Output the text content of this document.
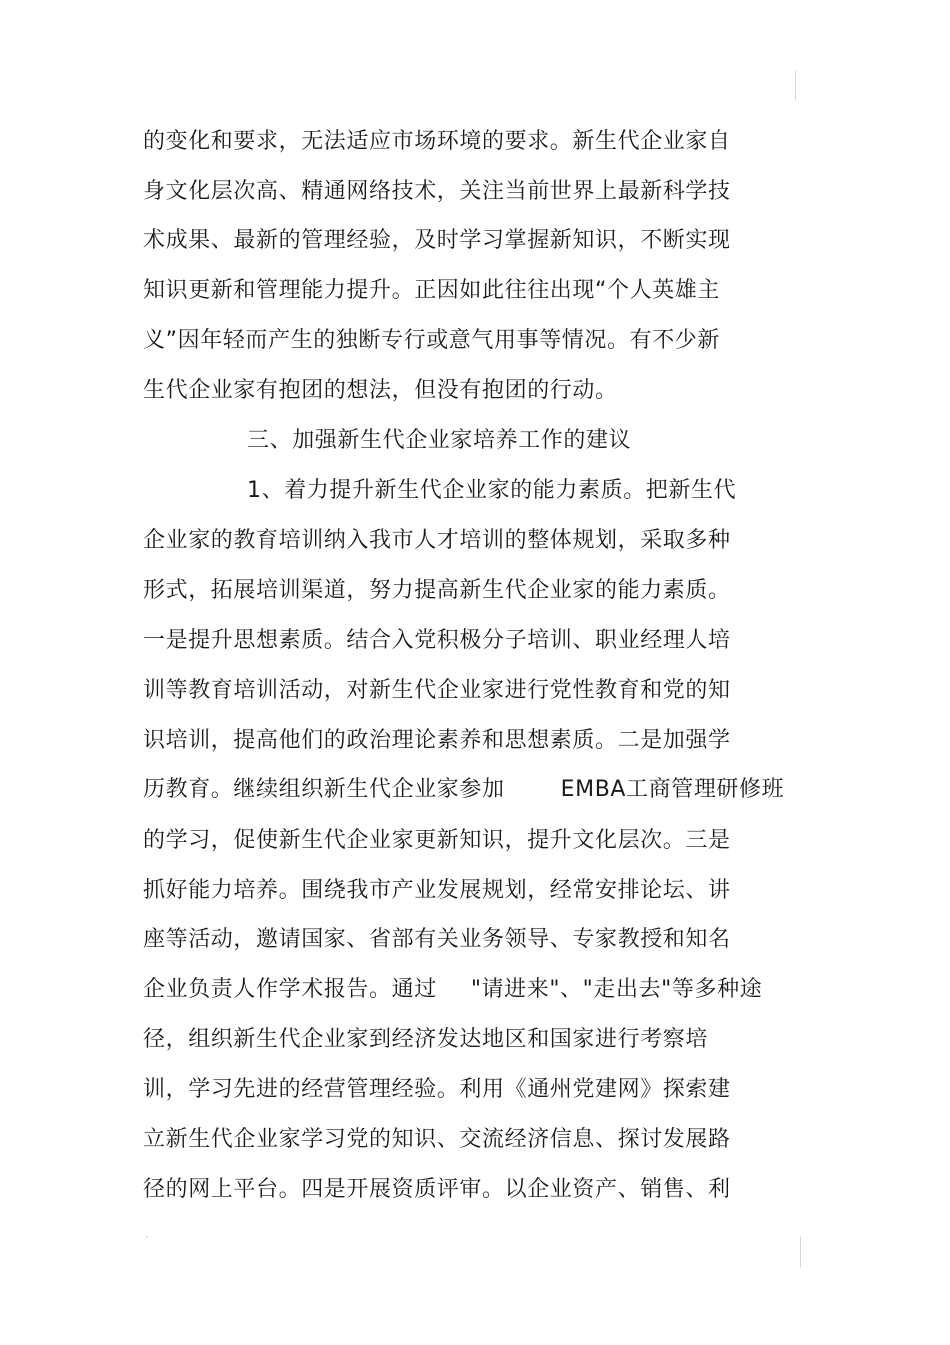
的变化和要求，无法适应市场环境的要求。新生代企业家自
身文化层次高、精通网络技术，关注当前世界上最新科学技
术成果、最新的管理经验，及时学习掌握新知识，不断实现
知识更新和管理能力提升。正因如此往往出现“个人英雄主
义”因年轻而产生的独断专行或意气用事等情况。有不少新
生代企业家有抱团的想法，但没有抱团的行动。
三、加强新生代企业家培养工作的建议
1、着力提升新生代企业家的能力素质。把新生代
企业家的教育培训纳入我市人才培训的整体规划，采取多种
形式，拓展培训渠道，努力提高新生代企业家的能力素质。
一是提升思想素质。结合入党积极分子培训、职业经理人培
训等教育培训活动，对新生代企业家进行党性教育和党的知
识培训，提高他们的政治理论素养和思想素质。二是加强学
历教育。继续组织新生代企业家参加	EMBA工商管理研修班
的学习，促使新生代企业家更新知识，提升文化层次。三是
抓好能力培养。围绕我市产业发展规划，经常安排论坛、讲
座等活动，邀请国家、省部有关业务领导、专家教授和知名
企业负责人作学术报告。通过 "请进来"、"走出去"等多种途
径，组织新生代企业家到经济发达地区和国家进行考察培
训，学习先进的经营管理经验。利用《通州党建网》探索建
立新生代企业家学习党的知识、交流经济信息、探讨发展路
径的网上平台。四是开展资质评审。以企业资产、销售、利
